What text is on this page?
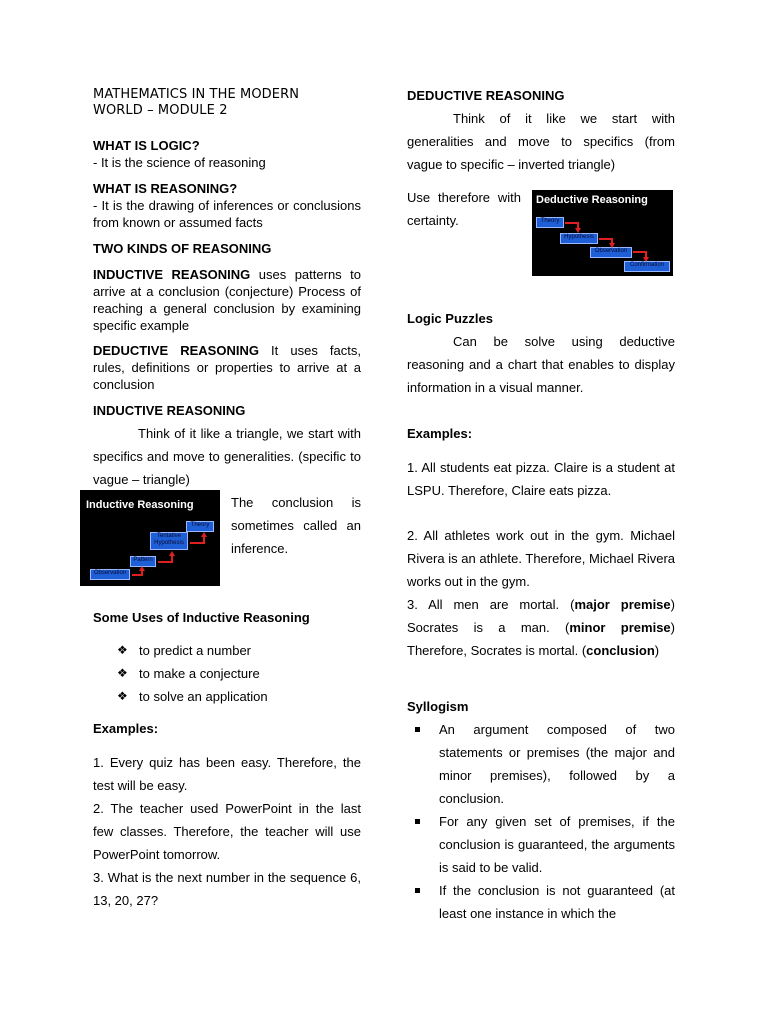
MATHEMATICS IN THE MODERN
WORLD – MODULE 2
WHAT IS LOGIC?
- It is the science of reasoning
WHAT IS REASONING?
- It is the drawing of inferences or conclusions from known or assumed facts
TWO KINDS OF REASONING
INDUCTIVE REASONING uses patterns to arrive at a conclusion (conjecture) Process of reaching a general conclusion by examining specific example
DEDUCTIVE REASONING It uses facts, rules, definitions or properties to arrive at a conclusion
INDUCTIVE REASONING
Think of it like a triangle, we start with specifics and move to generalities. (specific to vague – triangle)
The conclusion is sometimes called an inference.
Some Uses of Inductive Reasoning
❖ to predict a number
❖ to make a conjecture
❖ to solve an application
Examples:
1. Every quiz has been easy. Therefore, the test will be easy.
2. The teacher used PowerPoint in the last few classes. Therefore, the teacher will use PowerPoint tomorrow.
3. What is the next number in the sequence 6, 13, 20, 27?
Inductive Reasoning
Theory
Tentative Hypothesis
Pattern
Observation
DEDUCTIVE REASONING
Think of it like we start with generalities and move to specifics (from vague to specific – inverted triangle)
Use therefore with certainty.
Logic Puzzles
Can be solve using deductive reasoning and a chart that enables to display information in a visual manner.
Examples:
1. All students eat pizza. Claire is a student at LSPU. Therefore, Claire eats pizza.
2. All athletes work out in the gym. Michael Rivera is an athlete. Therefore, Michael Rivera works out in the gym.
3. All men are mortal. (major premise) Socrates is a man. (minor premise) Therefore, Socrates is mortal. (conclusion)
Syllogism
An argument composed of two statements or premises (the major and minor premises), followed by a conclusion.
For any given set of premises, if the conclusion is guaranteed, the arguments is said to be valid.
If the conclusion is not guaranteed (at least one instance in which the
Deductive Reasoning
Theory
Hypothesis
Observation
Confirmation
